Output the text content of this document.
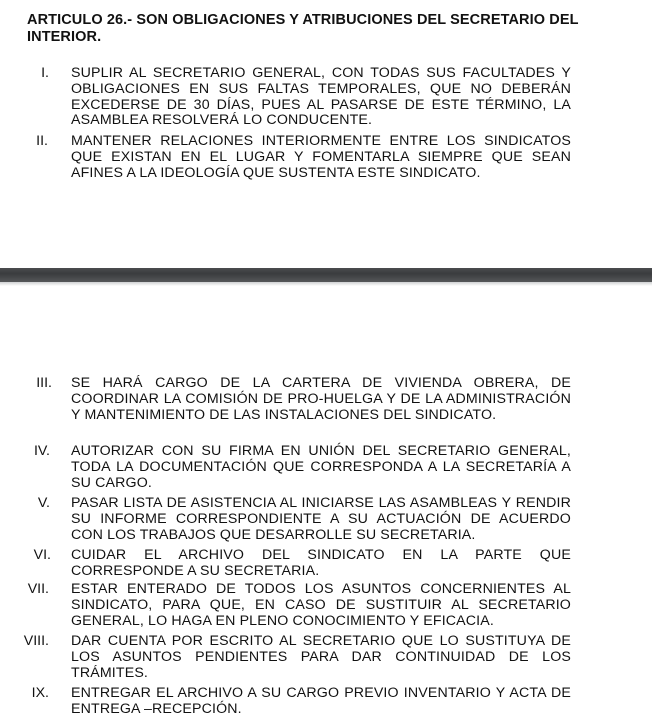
ARTICULO 26.- SON OBLIGACIONES Y ATRIBUCIONES DEL SECRETARIO DEL INTERIOR.
I. SUPLIR AL SECRETARIO GENERAL, CON TODAS SUS FACULTADES Y OBLIGACIONES EN SUS FALTAS TEMPORALES, QUE NO DEBERÁN EXCEDERSE DE 30 DÍAS, PUES AL PASARSE DE ESTE TÉRMINO, LA ASAMBLEA RESOLVERÁ LO CONDUCENTE.
II. MANTENER RELACIONES INTERIORMENTE ENTRE LOS SINDICATOS QUE EXISTAN EN EL LUGAR Y FOMENTARLA SIEMPRE QUE SEAN AFINES A LA IDEOLOGÍA QUE SUSTENTA ESTE SINDICATO.
III. SE HARÁ CARGO DE LA CARTERA DE VIVIENDA OBRERA, DE COORDINAR LA COMISIÓN DE PRO-HUELGA Y DE LA ADMINISTRACIÓN Y MANTENIMIENTO DE LAS INSTALACIONES DEL SINDICATO.
IV. AUTORIZAR CON SU FIRMA EN UNIÓN DEL SECRETARIO GENERAL, TODA LA DOCUMENTACIÓN QUE CORRESPONDA A LA SECRETARÍA A SU CARGO.
V. PASAR LISTA DE ASISTENCIA AL INICIARSE LAS ASAMBLEAS Y RENDIR SU INFORME CORRESPONDIENTE A SU ACTUACIÓN DE ACUERDO CON LOS TRABAJOS QUE DESARROLLE SU SECRETARIA.
VI. CUIDAR EL ARCHIVO DEL SINDICATO EN LA PARTE QUE CORRESPONDE A SU SECRETARIA.
VII. ESTAR ENTERADO DE TODOS LOS ASUNTOS CONCERNIENTES AL SINDICATO, PARA QUE, EN CASO DE SUSTITUIR AL SECRETARIO GENERAL, LO HAGA EN PLENO CONOCIMIENTO Y EFICACIA.
VIII. DAR CUENTA POR ESCRITO AL SECRETARIO QUE LO SUSTITUYA DE LOS ASUNTOS PENDIENTES PARA DAR CONTINUIDAD DE LOS TRÁMITES.
IX. ENTREGAR EL ARCHIVO A SU CARGO PREVIO INVENTARIO Y ACTA DE ENTREGA –RECEPCIÓN.
